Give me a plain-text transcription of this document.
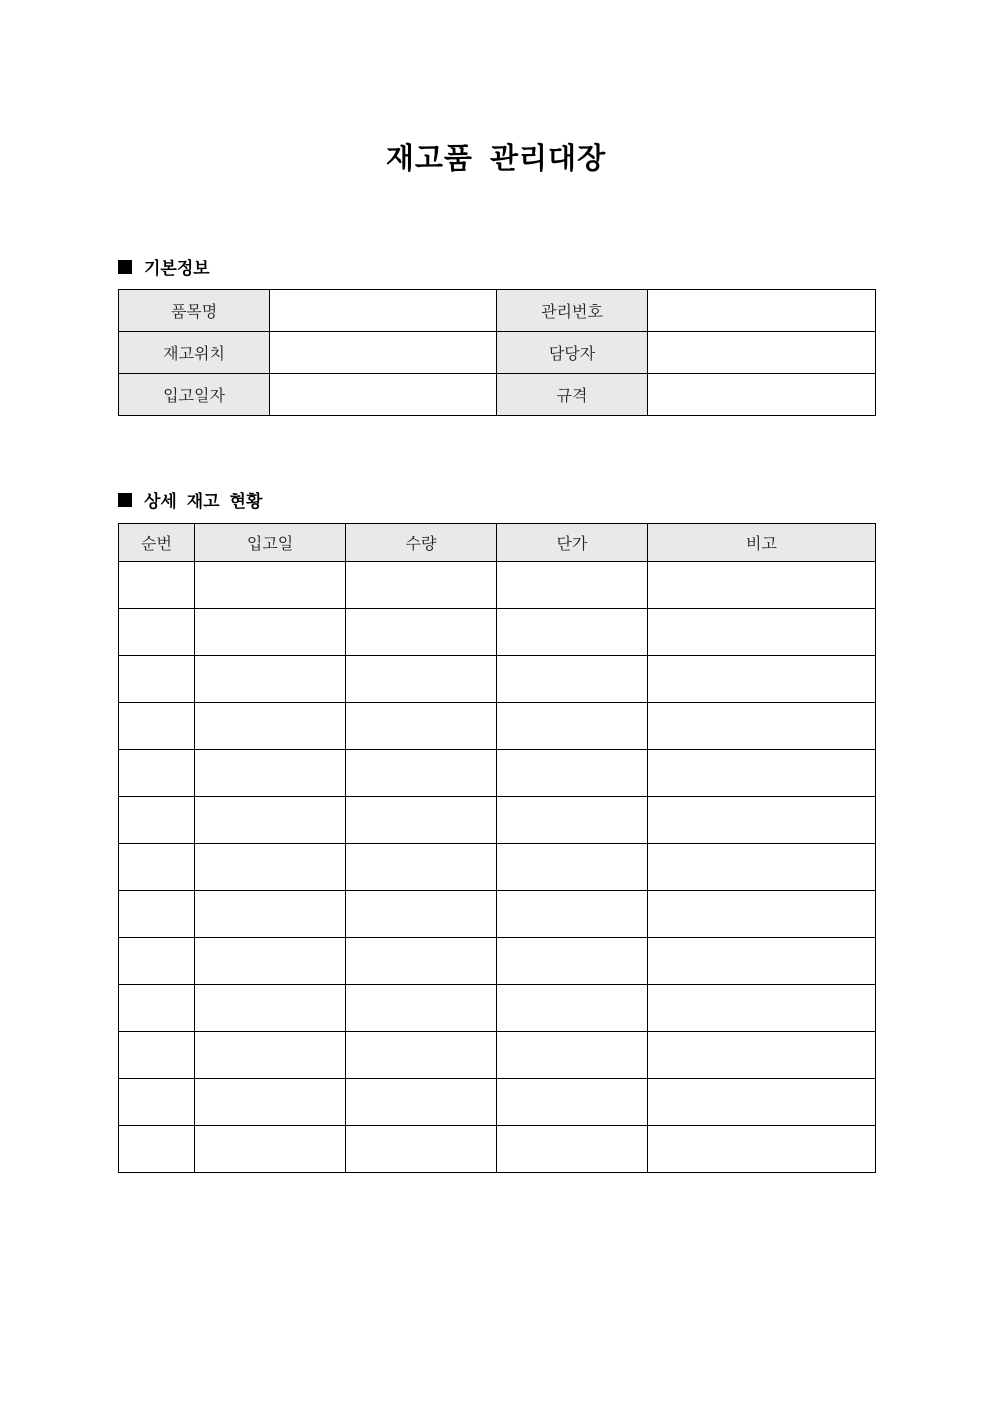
재고품 관리대장
기본정보
품목명		관리번호	
재고위치		담당자	
입고일자		규격	
상세 재고 현황
순번	입고일	수량	단가	비고
